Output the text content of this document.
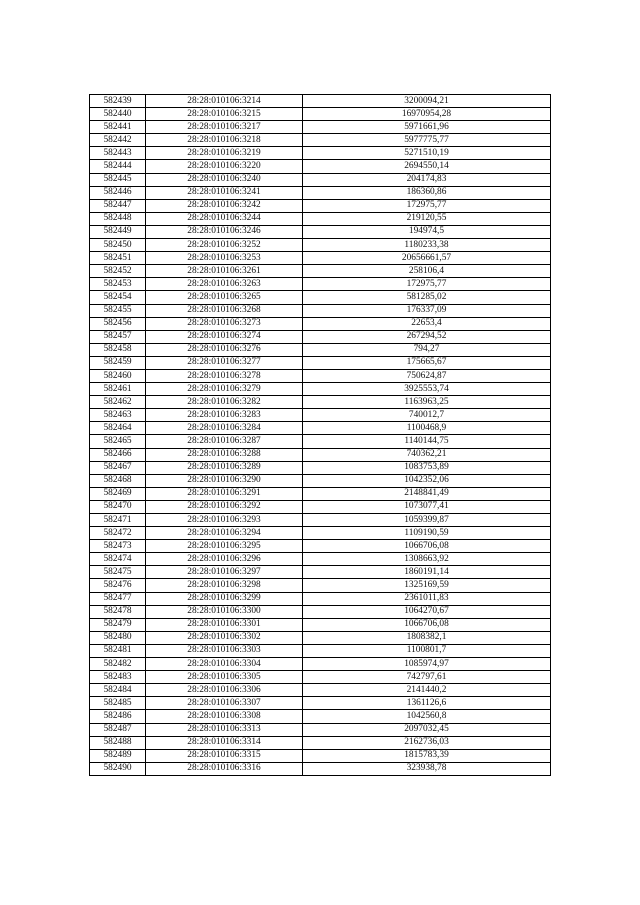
582439	28:28:010106:3214	3200094,21
582440	28:28:010106:3215	16970954,28
582441	28:28:010106:3217	5971661,96
582442	28:28:010106:3218	5977775,77
582443	28:28:010106:3219	5271510,19
582444	28:28:010106:3220	2694550,14
582445	28:28:010106:3240	204174,83
582446	28:28:010106:3241	186360,86
582447	28:28:010106:3242	172975,77
582448	28:28:010106:3244	219120,55
582449	28:28:010106:3246	194974,5
582450	28:28:010106:3252	1180233,38
582451	28:28:010106:3253	20656661,57
582452	28:28:010106:3261	258106,4
582453	28:28:010106:3263	172975,77
582454	28:28:010106:3265	581285,02
582455	28:28:010106:3268	176337,09
582456	28:28:010106:3273	22653,4
582457	28:28:010106:3274	267294,52
582458	28:28:010106:3276	794,27
582459	28:28:010106:3277	175665,67
582460	28:28:010106:3278	750624,87
582461	28:28:010106:3279	3925553,74
582462	28:28:010106:3282	1163963,25
582463	28:28:010106:3283	740012,7
582464	28:28:010106:3284	1100468,9
582465	28:28:010106:3287	1140144,75
582466	28:28:010106:3288	740362,21
582467	28:28:010106:3289	1083753,89
582468	28:28:010106:3290	1042352,06
582469	28:28:010106:3291	2148841,49
582470	28:28:010106:3292	1073077,41
582471	28:28:010106:3293	1059399,87
582472	28:28:010106:3294	1109190,59
582473	28:28:010106:3295	1066706,08
582474	28:28:010106:3296	1308663,92
582475	28:28:010106:3297	1860191,14
582476	28:28:010106:3298	1325169,59
582477	28:28:010106:3299	2361011,83
582478	28:28:010106:3300	1064270,67
582479	28:28:010106:3301	1066706,08
582480	28:28:010106:3302	1808382,1
582481	28:28:010106:3303	1100801,7
582482	28:28:010106:3304	1085974,97
582483	28:28:010106:3305	742797,61
582484	28:28:010106:3306	2141440,2
582485	28:28:010106:3307	1361126,6
582486	28:28:010106:3308	1042560,8
582487	28:28:010106:3313	2097032,45
582488	28:28:010106:3314	2162736,03
582489	28:28:010106:3315	1815783,39
582490	28:28:010106:3316	323938,78
